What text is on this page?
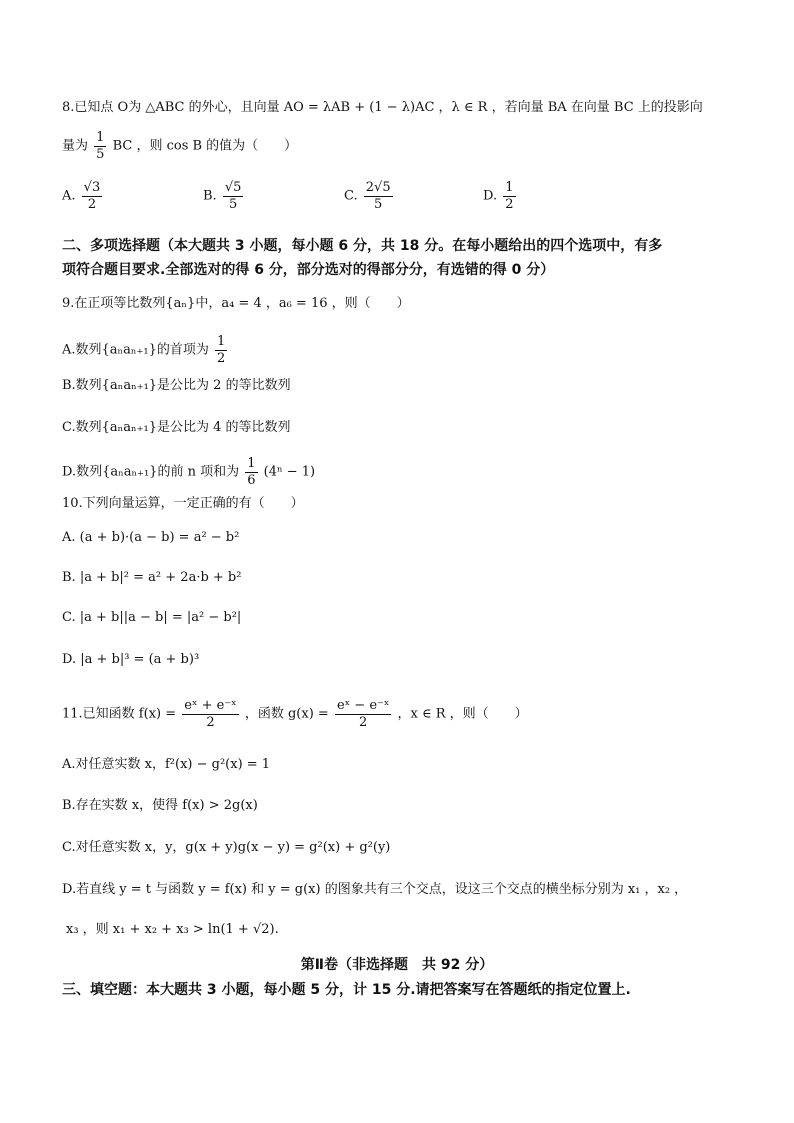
8.已知点 O为 △ABC 的外心，且向量 AO = λAB + (1 − λ)AC ，λ ∈ R ，若向量 BA 在向量 BC 上的投影向
量为 $\frac{1}{5}$ BC ，则 cos B 的值为（　　）
A. $\frac{√3}{2}$	B. $\frac{√5}{5}$	C. $\frac{2√5}{5}$	D. $\frac{1}{2}$
二、多项选择题（本大题共 3 小题，每小题 6 分，共 18 分。在每小题给出的四个选项中，有多
项符合题目要求.全部选对的得 6 分，部分选对的得部分分，有选错的得 0 分）
9.在正项等比数列{aₙ}中，a₄ = 4 ，a₆ = 16 ，则（　　）
A.数列{aₙaₙ₊₁}的首项为 $\frac{1}{2}$
B.数列{aₙaₙ₊₁}是公比为 2 的等比数列
C.数列{aₙaₙ₊₁}是公比为 4 的等比数列
D.数列{aₙaₙ₊₁}的前 n 项和为 $\frac{1}{6} (4^n - 1)$
10.下列向量运算，一定正确的有（　　）
A. (a + b)·(a − b) = a² − b²
B. |a + b|² = a² + 2a·b + b²
C. |a + b||a − b| = |a² − b²|
D. |a + b|³ = (a + b)³
11.已知函数 $f(x) = \frac{\text{eˣ + e⁻ˣ}}{2}$ ，函数 $g(x) = \frac{\text{eˣ − e⁻ˣ}}{2}$ ，x ∈ R ，则（　　）
A.对任意实数 x，f²(x) − g²(x) = 1
B.存在实数 x，使得 f(x) > 2g(x)
C.对任意实数 x，y，g(x + y)g(x − y) = g²(x) + g²(y)
D.若直线 y = t 与函数 y = f(x) 和 y = g(x) 的图象共有三个交点，设这三个交点的横坐标分别为 x₁ ，x₂ ，
x₃ ，则 x₁ + x₂ + x₃ > ln(1 + √2).
第Ⅱ卷（非选择题　共 92 分）
三、填空题：本大题共 3 小题，每小题 5 分，计 15 分.请把答案写在答题纸的指定位置上.
